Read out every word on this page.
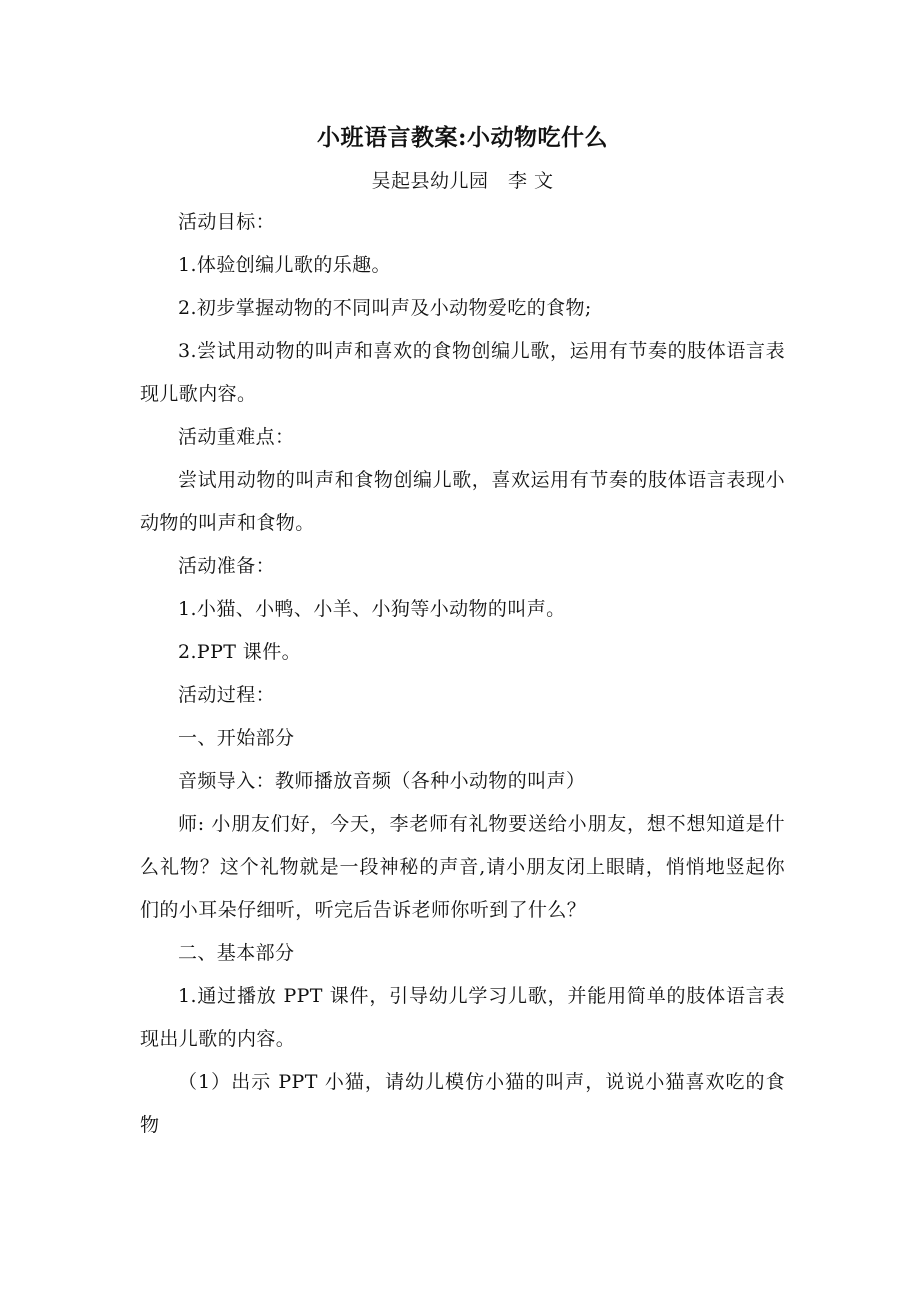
小班语言教案:小动物吃什么

吴起县幼儿园　李 文

活动目标：

1.体验创编儿歌的乐趣。

2.初步掌握动物的不同叫声及小动物爱吃的食物;

3.尝试用动物的叫声和喜欢的食物创编儿歌，运用有节奏的肢体语言表现儿歌内容。

活动重难点：

尝试用动物的叫声和食物创编儿歌，喜欢运用有节奏的肢体语言表现小动物的叫声和食物。

活动准备：

1.小猫、小鸭、小羊、小狗等小动物的叫声。

2.PPT 课件。

活动过程：

一、开始部分

音频导入：教师播放音频（各种小动物的叫声）

师: 小朋友们好，今天，李老师有礼物要送给小朋友，想不想知道是什么礼物？这个礼物就是一段神秘的声音,请小朋友闭上眼睛，悄悄地竖起你们的小耳朵仔细听，听完后告诉老师你听到了什么？

二、基本部分

1.通过播放 PPT 课件，引导幼儿学习儿歌，并能用简单的肢体语言表现出儿歌的内容。

（1）出示 PPT 小猫，请幼儿模仿小猫的叫声，说说小猫喜欢吃的食物
